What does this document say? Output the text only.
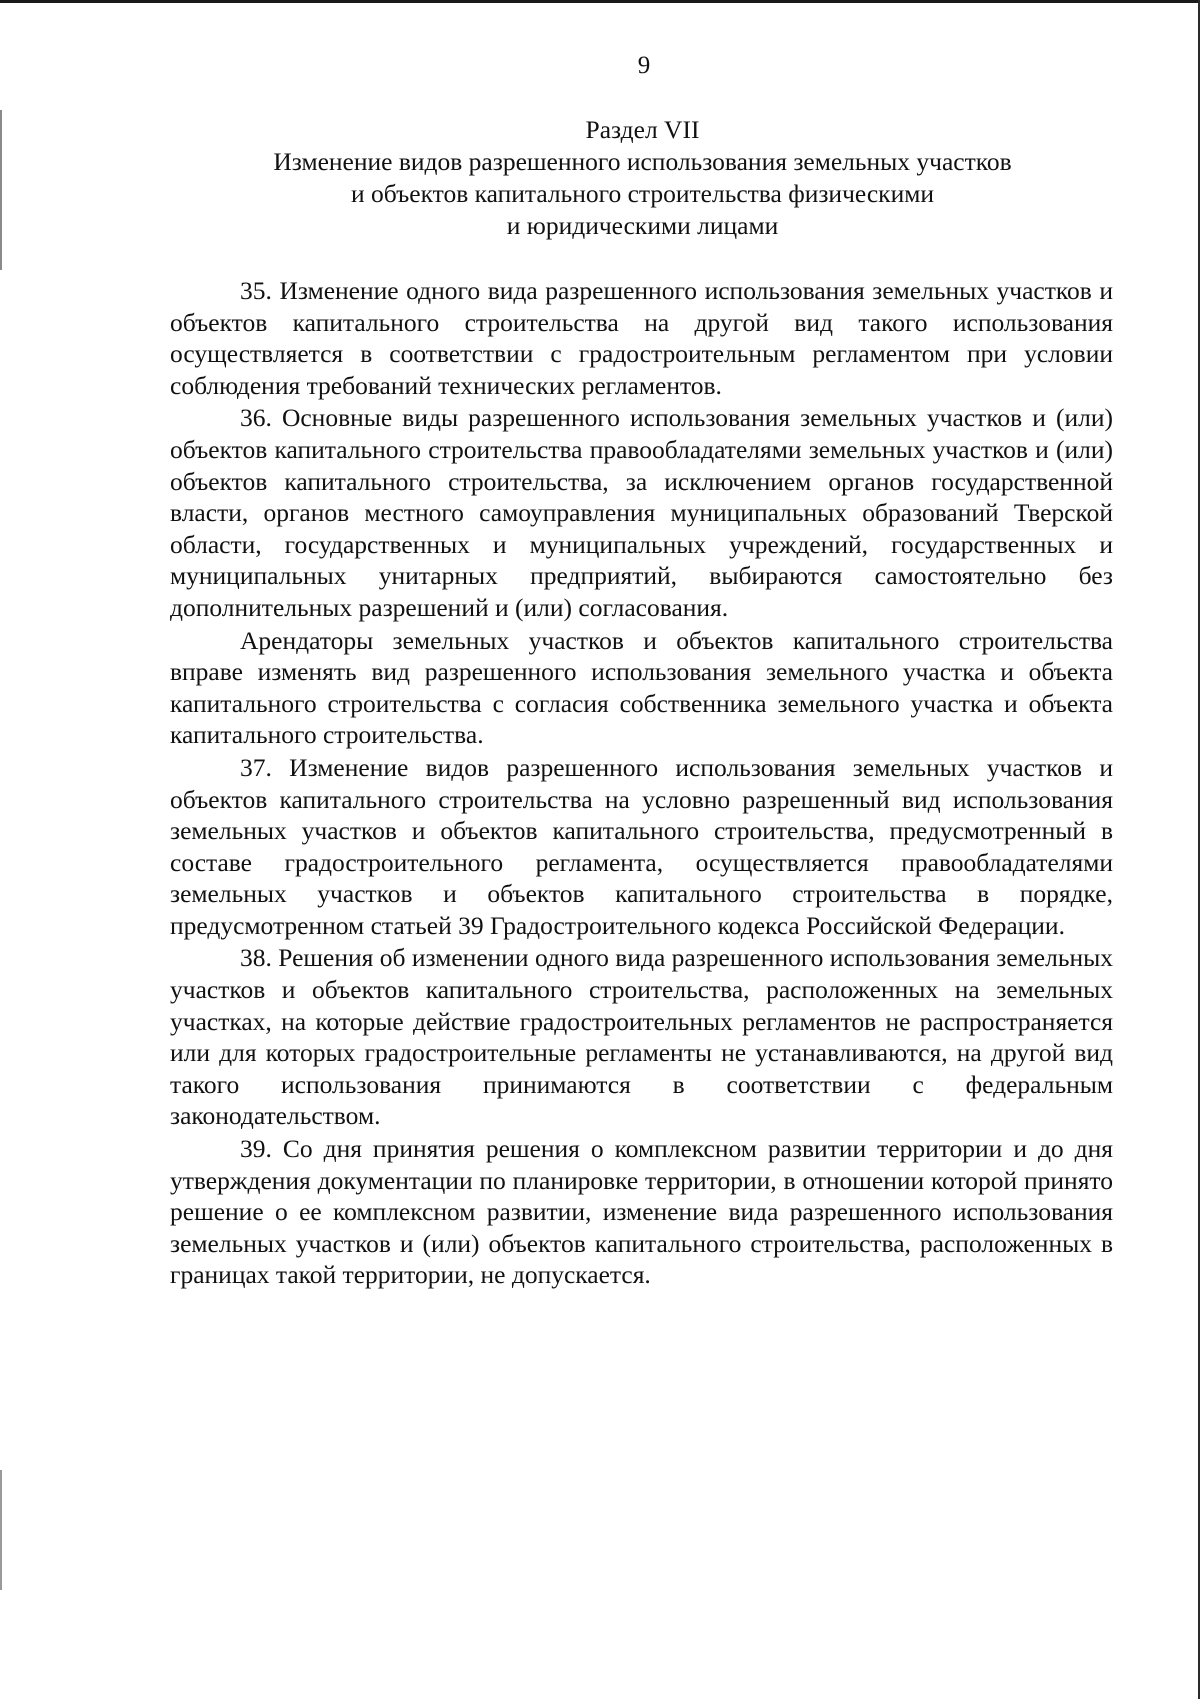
9
Раздел VII
Изменение видов разрешенного использования земельных участков
и объектов капитального строительства физическими
и юридическими лицами

35. Изменение одного вида разрешенного использования земельных участков и объектов капитального строительства на другой вид такого использования осуществляется в соответствии с градостроительным регламентом при условии соблюдения требований технических регламентов.

36. Основные виды разрешенного использования земельных участков и (или) объектов капитального строительства правообладателями земельных участков и (или) объектов капитального строительства, за исключением органов государственной власти, органов местного самоуправления муниципальных образований Тверской области, государственных и муниципальных учреждений, государственных и муниципальных унитарных предприятий, выбираются самостоятельно без дополнительных разрешений и (или) согласования.

Арендаторы земельных участков и объектов капитального строительства вправе изменять вид разрешенного использования земельного участка и объекта капитального строительства с согласия собственника земельного участка и объекта капитального строительства.

37. Изменение видов разрешенного использования земельных участков и объектов капитального строительства на условно разрешенный вид использования земельных участков и объектов капитального строительства, предусмотренный в составе градостроительного регламента, осуществляется правообладателями земельных участков и объектов капитального строительства в порядке, предусмотренном статьей 39 Градостроительного кодекса Российской Федерации.

38. Решения об изменении одного вида разрешенного использования земельных участков и объектов капитального строительства, расположенных на земельных участках, на которые действие градостроительных регламентов не распространяется или для которых градостроительные регламенты не устанавливаются, на другой вид такого использования принимаются в соответствии с федеральным законодательством.

39. Со дня принятия решения о комплексном развитии территории и до дня утверждения документации по планировке территории, в отношении которой принято решение о ее комплексном развитии, изменение вида разрешенного использования земельных участков и (или) объектов капитального строительства, расположенных в границах такой территории, не допускается.
